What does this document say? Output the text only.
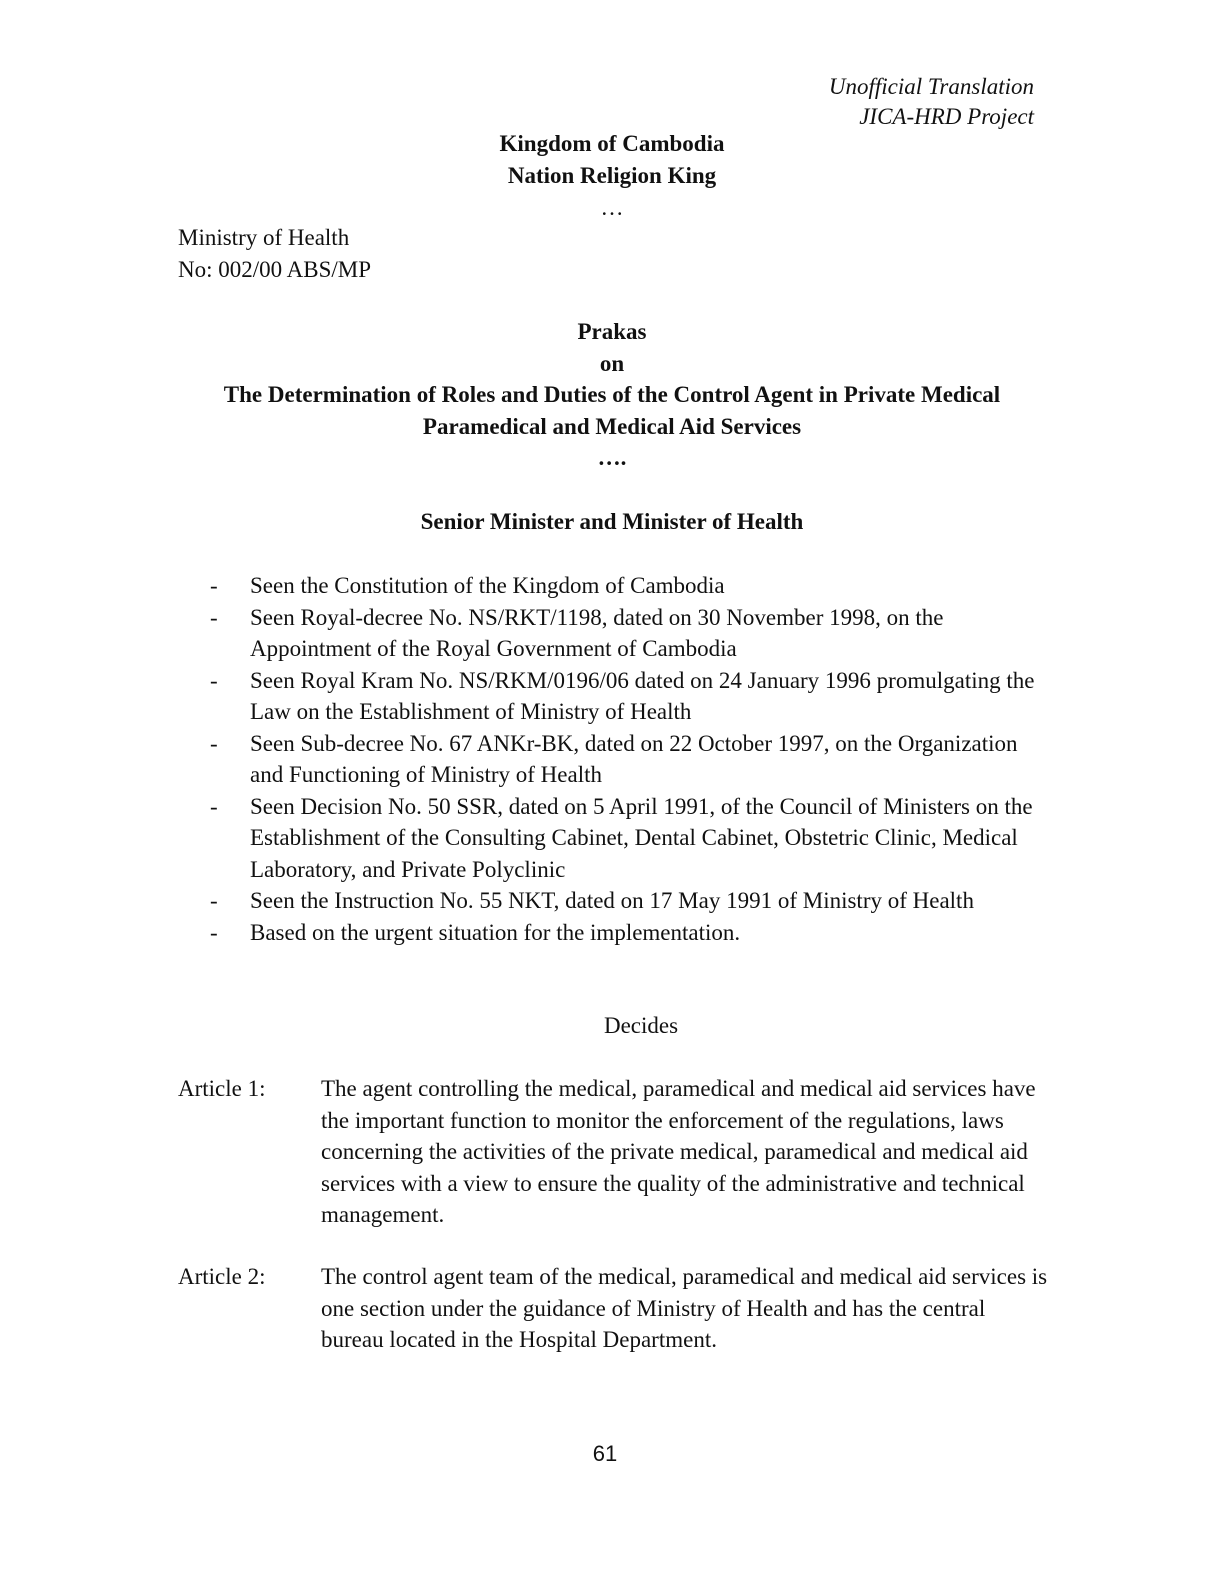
Unofficial Translation
JICA-HRD Project
Kingdom of Cambodia
Nation Religion King
…
Ministry of Health
No: 002/00 ABS/MP
Prakas
on
The Determination of Roles and Duties of the Control Agent in Private Medical
Paramedical and Medical Aid Services
….
Senior Minister and Minister of Health
-	Seen the Constitution of the Kingdom of Cambodia
-	Seen Royal-decree No. NS/RKT/1198, dated on 30 November 1998, on the Appointment of the Royal Government of Cambodia
-	Seen Royal Kram No. NS/RKM/0196/06 dated on 24 January 1996 promulgating the Law on the Establishment of Ministry of Health
-	Seen Sub-decree No. 67 ANKr-BK, dated on 22 October 1997, on the Organization and Functioning of Ministry of Health
-	Seen Decision No. 50 SSR, dated on 5 April 1991, of the Council of Ministers on the Establishment of the Consulting Cabinet, Dental Cabinet, Obstetric Clinic, Medical Laboratory, and Private Polyclinic
-	Seen the Instruction No. 55 NKT, dated on 17 May 1991 of Ministry of Health
-	Based on the urgent situation for the implementation.
Decides
Article 1:	The agent controlling the medical, paramedical and medical aid services have the important function to monitor the enforcement of the regulations, laws concerning the activities of the private medical, paramedical and medical aid services with a view to ensure the quality of the administrative and technical management.
Article 2:	The control agent team of the medical, paramedical and medical aid services is one section under the guidance of Ministry of Health and has the central bureau located in the Hospital Department.
61
